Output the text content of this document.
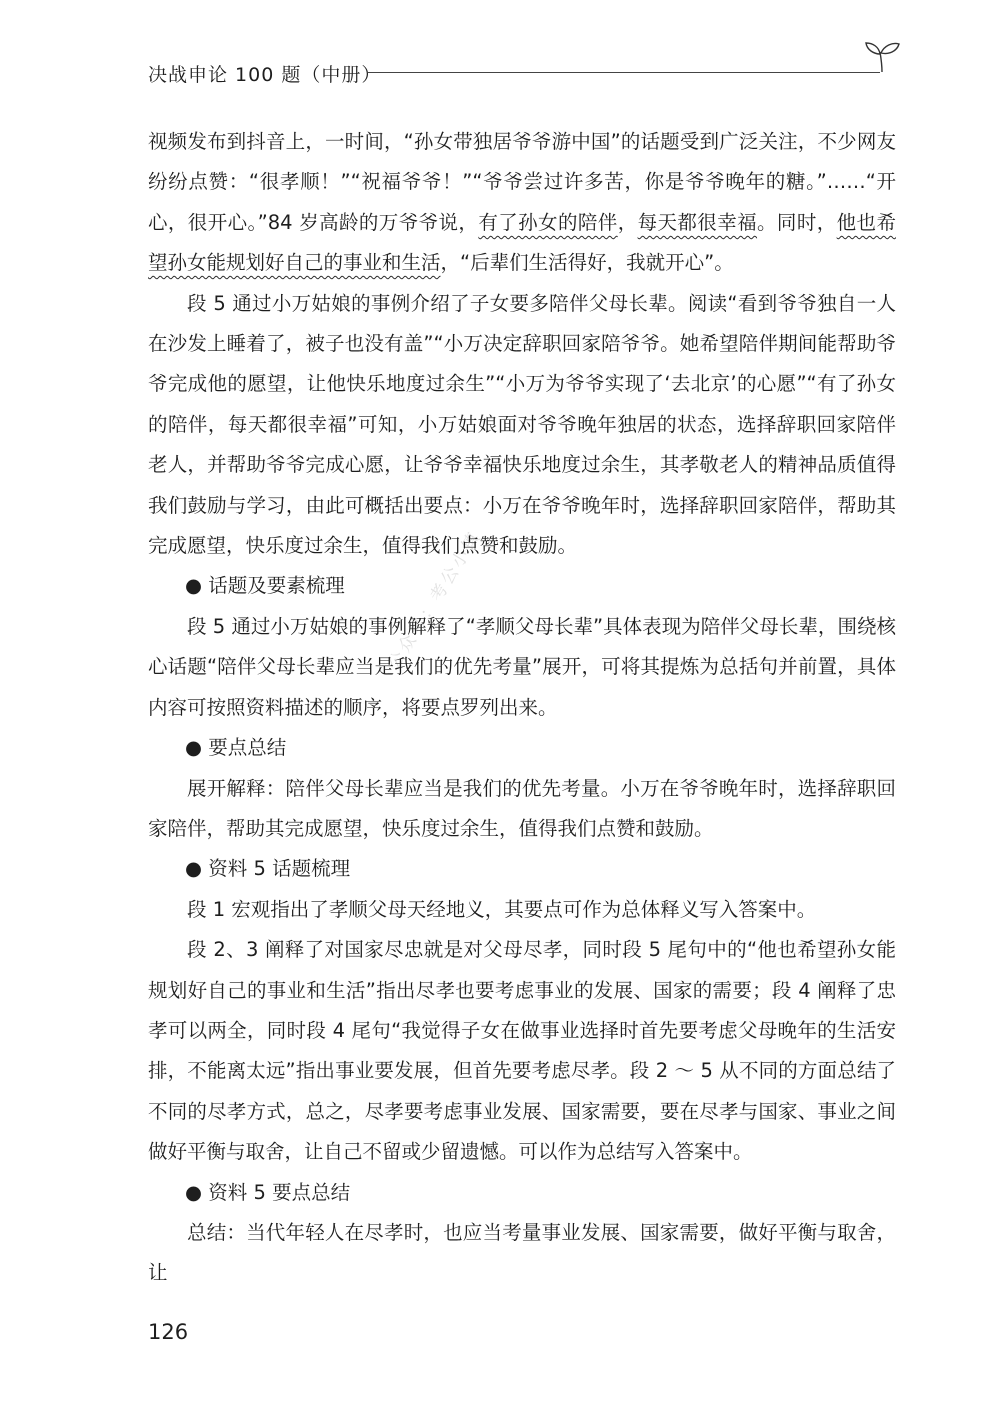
决战申论 100 题（中册）
公众号：考公小镇

视频发布到抖音上，一时间，“孙女带独居爷爷游中国”的话题受到广泛关注，不少网友纷纷点赞：“很孝顺！”“祝福爷爷！”“爷爷尝过许多苦，你是爷爷晚年的糖。”……“开心，很开心。”84 岁高龄的万爷爷说，有了孙女的陪伴，每天都很幸福。同时，他也希望孙女能规划好自己的事业和生活，“后辈们生活得好，我就开心”。

段 5 通过小万姑娘的事例介绍了子女要多陪伴父母长辈。阅读“看到爷爷独自一人在沙发上睡着了，被子也没有盖”“小万决定辞职回家陪爷爷。她希望陪伴期间能帮助爷爷完成他的愿望，让他快乐地度过余生”“小万为爷爷实现了‘去北京’的心愿”“有了孙女的陪伴，每天都很幸福”可知，小万姑娘面对爷爷晚年独居的状态，选择辞职回家陪伴老人，并帮助爷爷完成心愿，让爷爷幸福快乐地度过余生，其孝敬老人的精神品质值得我们鼓励与学习，由此可概括出要点：小万在爷爷晚年时，选择辞职回家陪伴，帮助其完成愿望，快乐度过余生，值得我们点赞和鼓励。

● 话题及要素梳理

段 5 通过小万姑娘的事例解释了“孝顺父母长辈”具体表现为陪伴父母长辈，围绕核心话题“陪伴父母长辈应当是我们的优先考量”展开，可将其提炼为总括句并前置，具体内容可按照资料描述的顺序，将要点罗列出来。

● 要点总结

展开解释：陪伴父母长辈应当是我们的优先考量。小万在爷爷晚年时，选择辞职回家陪伴，帮助其完成愿望，快乐度过余生，值得我们点赞和鼓励。

● 资料 5 话题梳理

段 1 宏观指出了孝顺父母天经地义，其要点可作为总体释义写入答案中。

段 2、3 阐释了对国家尽忠就是对父母尽孝，同时段 5 尾句中的“他也希望孙女能规划好自己的事业和生活”指出尽孝也要考虑事业的发展、国家的需要；段 4 阐释了忠孝可以两全，同时段 4 尾句“我觉得子女在做事业选择时首先要考虑父母晚年的生活安排，不能离太远”指出事业要发展，但首先要考虑尽孝。段 2 ～ 5 从不同的方面总结了不同的尽孝方式，总之，尽孝要考虑事业发展、国家需要，要在尽孝与国家、事业之间做好平衡与取舍，让自己不留或少留遗憾。可以作为总结写入答案中。

● 资料 5 要点总结

总结：当代年轻人在尽孝时，也应当考量事业发展、国家需要，做好平衡与取舍，让

126
